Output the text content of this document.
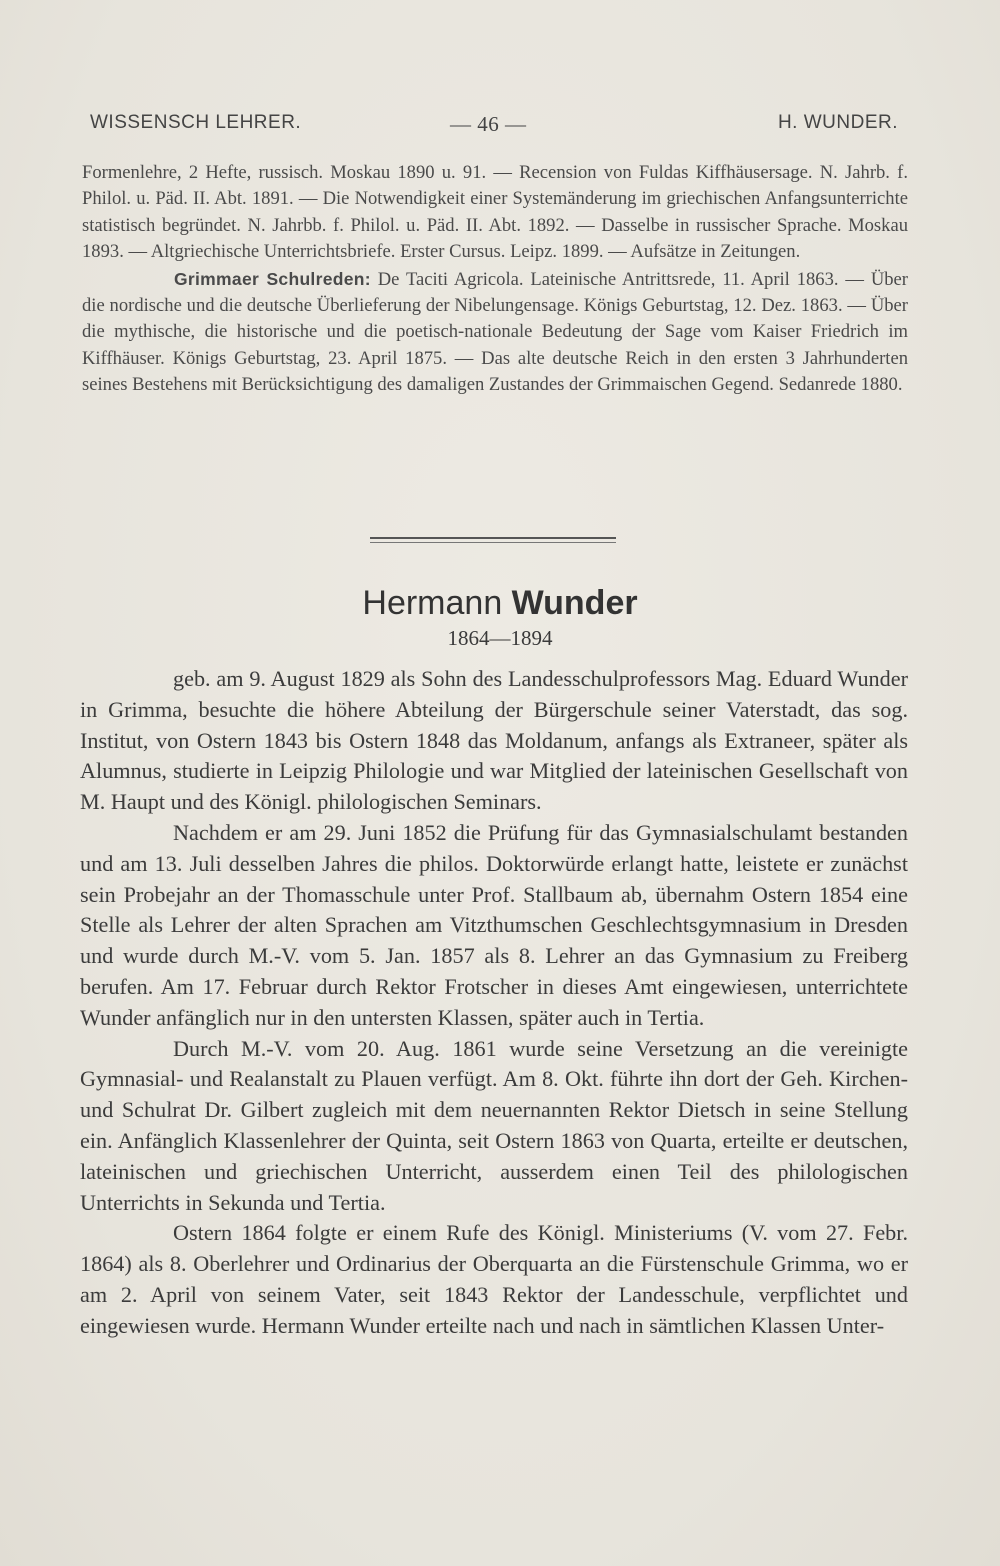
WISSENSCH LEHRER.	— 46 —	H. WUNDER.

Formenlehre, 2 Hefte, russisch. Moskau 1890 u. 91. — Recension von Fuldas Kiffhäusersage. N. Jahrb. f. Philol. u. Päd. II. Abt. 1891. — Die Notwendigkeit einer Systemänderung im griechischen Anfangsunterrichte statistisch begründet. N. Jahrbb. f. Philol. u. Päd. II. Abt. 1892. — Dasselbe in russischer Sprache. Moskau 1893. — Altgriechische Unterrichtsbriefe. Erster Cursus. Leipz. 1899. — Aufsätze in Zeitungen.

Grimmaer Schulreden: De Taciti Agricola. Lateinische Antrittsrede, 11. April 1863. — Über die nordische und die deutsche Überlieferung der Nibelungensage. Königs Geburtstag, 12. Dez. 1863. — Über die mythische, die historische und die poetisch-nationale Bedeutung der Sage vom Kaiser Friedrich im Kiffhäuser. Königs Geburtstag, 23. April 1875. — Das alte deutsche Reich in den ersten 3 Jahrhunderten seines Bestehens mit Berücksichtigung des damaligen Zustandes der Grimmaischen Gegend. Sedanrede 1880.

Hermann Wunder
1864—1894

geb. am 9. August 1829 als Sohn des Landesschulprofessors Mag. Eduard Wunder in Grimma, besuchte die höhere Abteilung der Bürgerschule seiner Vaterstadt, das sog. Institut, von Ostern 1843 bis Ostern 1848 das Moldanum, anfangs als Extraneer, später als Alumnus, studierte in Leipzig Philologie und war Mitglied der lateinischen Gesellschaft von M. Haupt und des Königl. philologischen Seminars.

Nachdem er am 29. Juni 1852 die Prüfung für das Gymnasialschulamt bestanden und am 13. Juli desselben Jahres die philos. Doktorwürde erlangt hatte, leistete er zunächst sein Probejahr an der Thomasschule unter Prof. Stallbaum ab, übernahm Ostern 1854 eine Stelle als Lehrer der alten Sprachen am Vitzthumschen Geschlechtsgymnasium in Dresden und wurde durch M.-V. vom 5. Jan. 1857 als 8. Lehrer an das Gymnasium zu Freiberg berufen. Am 17. Februar durch Rektor Frotscher in dieses Amt eingewiesen, unterrichtete Wunder anfänglich nur in den untersten Klassen, später auch in Tertia.

Durch M.-V. vom 20. Aug. 1861 wurde seine Versetzung an die vereinigte Gymnasial- und Realanstalt zu Plauen verfügt. Am 8. Okt. führte ihn dort der Geh. Kirchen- und Schulrat Dr. Gilbert zugleich mit dem neuernannten Rektor Dietsch in seine Stellung ein. Anfänglich Klassenlehrer der Quinta, seit Ostern 1863 von Quarta, erteilte er deutschen, lateinischen und griechischen Unterricht, ausserdem einen Teil des philologischen Unterrichts in Sekunda und Tertia.

Ostern 1864 folgte er einem Rufe des Königl. Ministeriums (V. vom 27. Febr. 1864) als 8. Oberlehrer und Ordinarius der Oberquarta an die Fürstenschule Grimma, wo er am 2. April von seinem Vater, seit 1843 Rektor der Landesschule, verpflichtet und eingewiesen wurde. Hermann Wunder erteilte nach und nach in sämtlichen Klassen Unter-
